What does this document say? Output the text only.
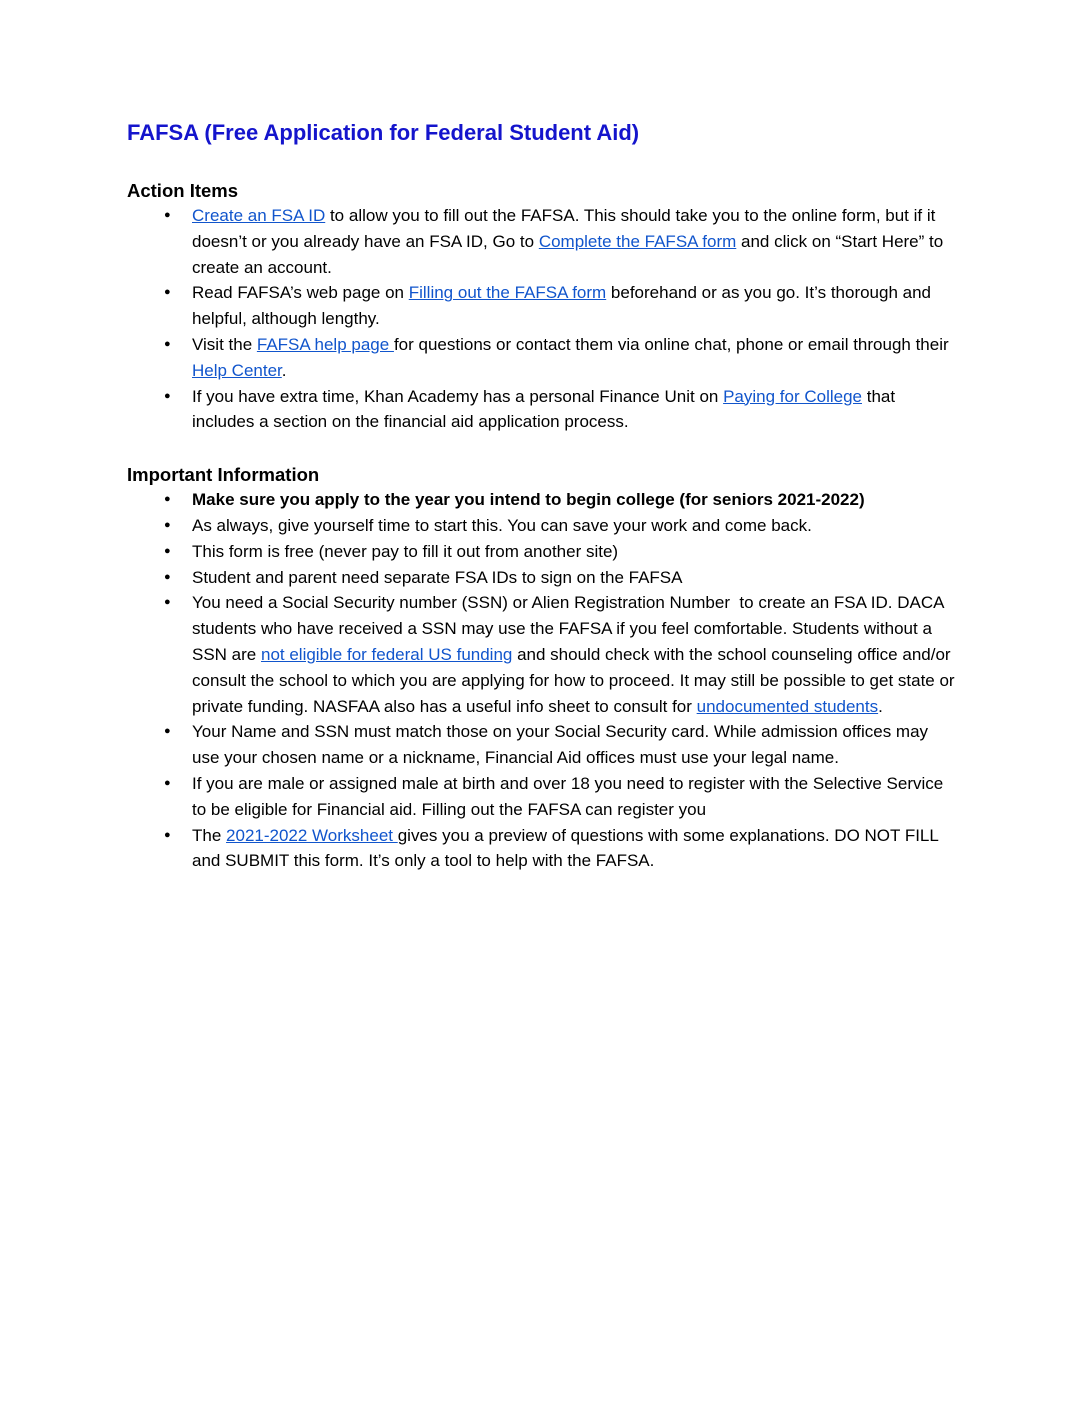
FAFSA (Free Application for Federal Student Aid)
Action Items
● Create an FSA ID to allow you to fill out the FAFSA. This should take you to the online form, but if it doesn’t or you already have an FSA ID, Go to Complete the FAFSA form and click on “Start Here” to create an account.
● Read FAFSA’s web page on Filling out the FAFSA form beforehand or as you go. It’s thorough and helpful, although lengthy.
● Visit the FAFSA help page for questions or contact them via online chat, phone or email through their Help Center.
● If you have extra time, Khan Academy has a personal Finance Unit on Paying for College that includes a section on the financial aid application process.
Important Information
● Make sure you apply to the year you intend to begin college (for seniors 2021-2022)
● As always, give yourself time to start this. You can save your work and come back.
● This form is free (never pay to fill it out from another site)
● Student and parent need separate FSA IDs to sign on the FAFSA
● You need a Social Security number (SSN) or Alien Registration Number  to create an FSA ID. DACA students who have received a SSN may use the FAFSA if you feel comfortable. Students without a SSN are not eligible for federal US funding and should check with the school counseling office and/or consult the school to which you are applying for how to proceed. It may still be possible to get state or private funding. NASFAA also has a useful info sheet to consult for undocumented students.
● Your Name and SSN must match those on your Social Security card. While admission offices may use your chosen name or a nickname, Financial Aid offices must use your legal name.
● If you are male or assigned male at birth and over 18 you need to register with the Selective Service to be eligible for Financial aid. Filling out the FAFSA can register you
● The 2021-2022 Worksheet gives you a preview of questions with some explanations. DO NOT FILL and SUBMIT this form. It’s only a tool to help with the FAFSA.
